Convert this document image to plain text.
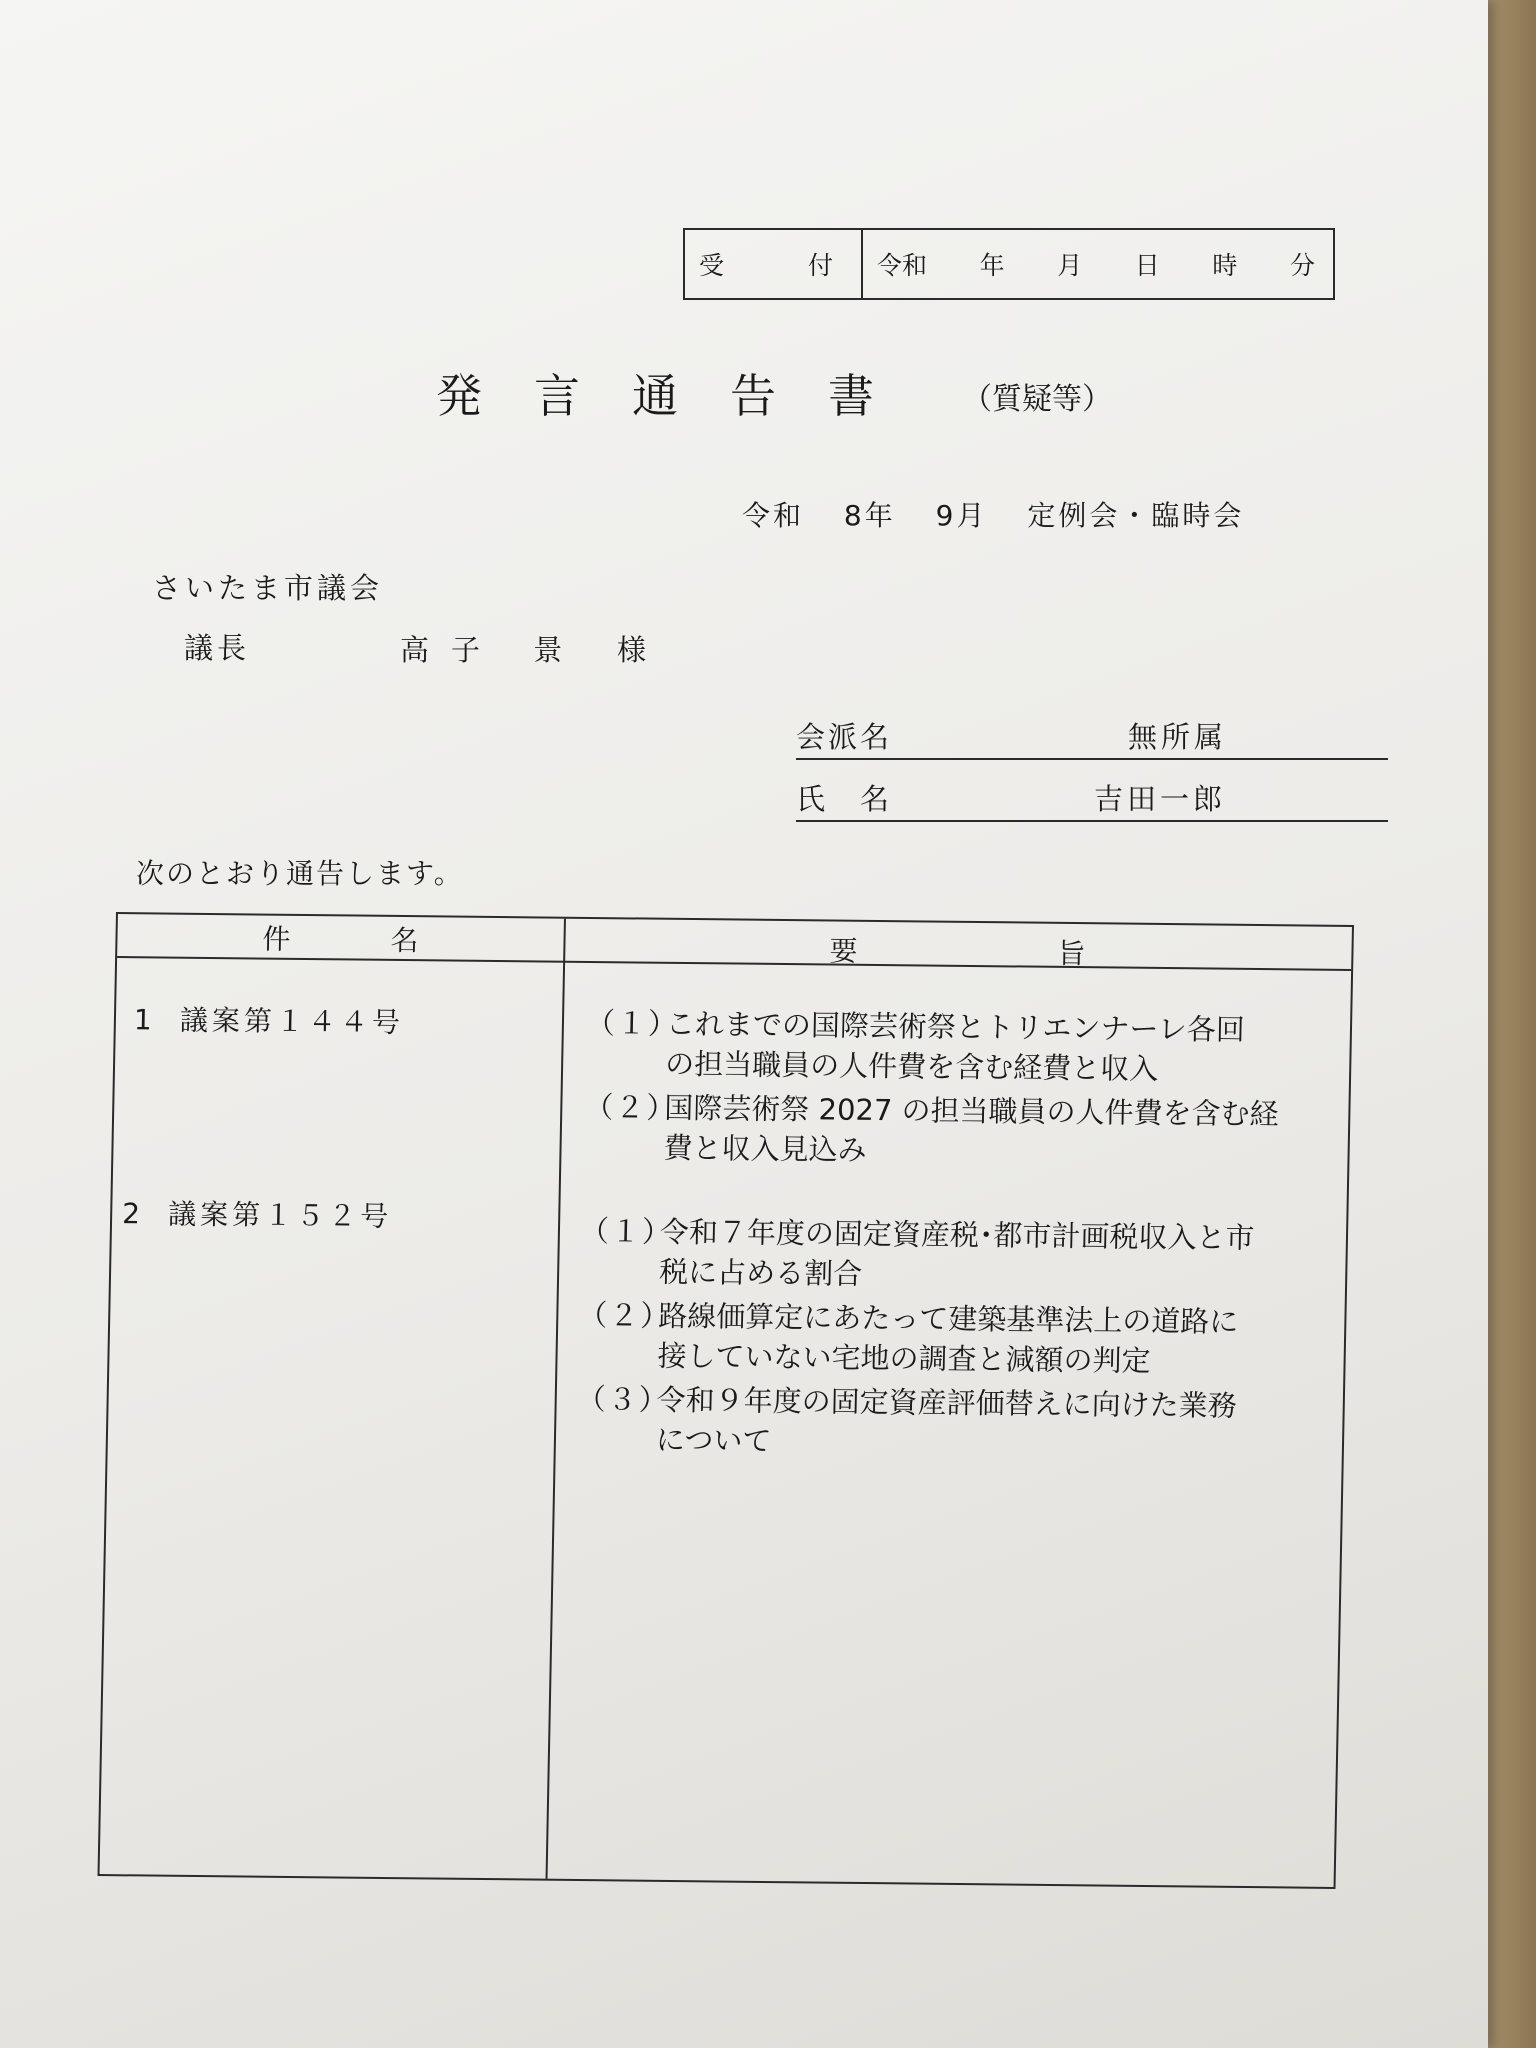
受	付 令和 年 月 日 時 分
発言通告書 （質疑等）
令和 8年 9月 定例会・臨時会
さいたま市議会
議長	高子 景 様
会派名	無所属
氏　名	吉田一郎
次のとおり通告します。
件名	要旨
1 議案第１４４号	（１）
これまでの国際芸術祭とトリエンナーレ各回
の担当職員の人件費を含む経費と収入
（２）
国際芸術祭 2027 の担当職員の人件費を含む経
費と収入見込み
2 議案第１５２号	（１）
令和７年度の固定資産税･都市計画税収入と市
税に占める割合
（２）
路線価算定にあたって建築基準法上の道路に
接していない宅地の調査と減額の判定
（３）
令和９年度の固定資産評価替えに向けた業務
について
